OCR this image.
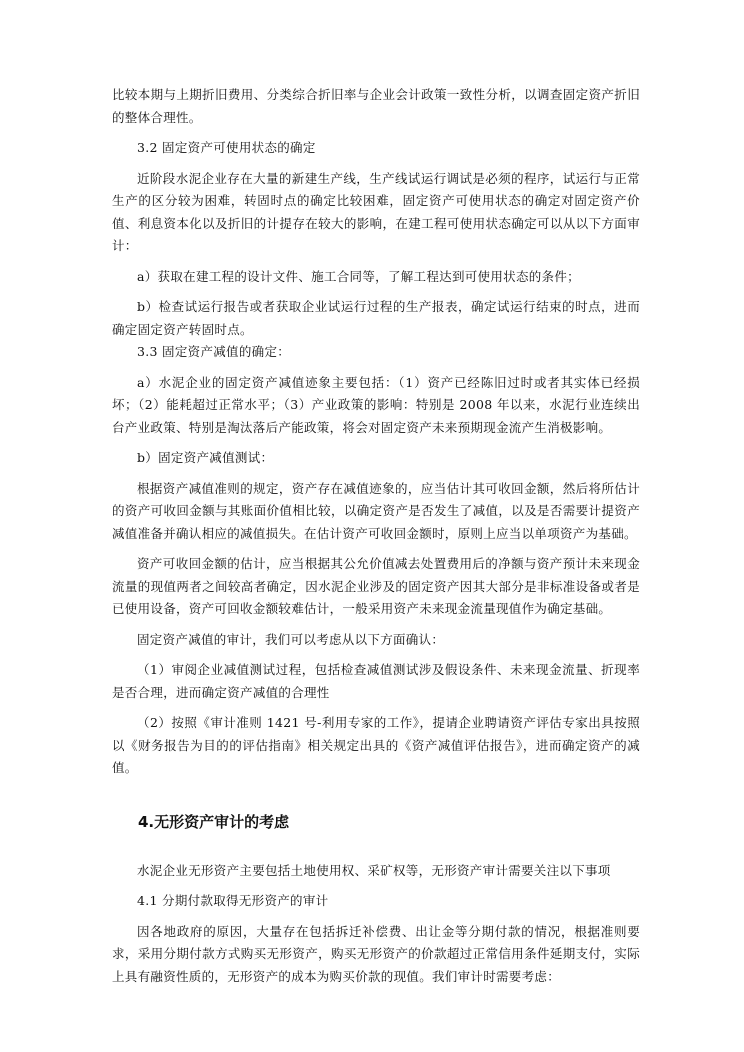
比较本期与上期折旧费用、分类综合折旧率与企业会计政策一致性分析，以调查固定资产折旧的整体合理性。

3.2 固定资产可使用状态的确定

近阶段水泥企业存在大量的新建生产线，生产线试运行调试是必须的程序，试运行与正常生产的区分较为困难，转固时点的确定比较困难，固定资产可使用状态的确定对固定资产价值、利息资本化以及折旧的计提存在较大的影响，在建工程可使用状态确定可以从以下方面审计：

a）获取在建工程的设计文件、施工合同等，了解工程达到可使用状态的条件；

b）检查试运行报告或者获取企业试运行过程的生产报表，确定试运行结束的时点，进而确定固定资产转固时点。

3.3 固定资产减值的确定：

a）水泥企业的固定资产减值迹象主要包括：（1）资产已经陈旧过时或者其实体已经损坏；（2）能耗超过正常水平；（3）产业政策的影响：特别是 2008 年以来，水泥行业连续出台产业政策、特别是淘汰落后产能政策，将会对固定资产未来预期现金流产生消极影响。

b）固定资产减值测试：

根据资产减值准则的规定，资产存在减值迹象的，应当估计其可收回金额，然后将所估计的资产可收回金额与其账面价值相比较，以确定资产是否发生了减值，以及是否需要计提资产减值准备并确认相应的减值损失。在估计资产可收回金额时，原则上应当以单项资产为基础。

资产可收回金额的估计，应当根据其公允价值减去处置费用后的净额与资产预计未来现金流量的现值两者之间较高者确定，因水泥企业涉及的固定资产因其大部分是非标准设备或者是已使用设备，资产可回收金额较难估计，一般采用资产未来现金流量现值作为确定基础。

固定资产减值的审计，我们可以考虑从以下方面确认：

（1）审阅企业减值测试过程，包括检查减值测试涉及假设条件、未来现金流量、折现率是否合理，进而确定资产减值的合理性

（2）按照《审计准则 1421 号-利用专家的工作》，提请企业聘请资产评估专家出具按照以《财务报告为目的的评估指南》相关规定出具的《资产减值评估报告》，进而确定资产的减值。

4.无形资产审计的考虑

水泥企业无形资产主要包括土地使用权、采矿权等，无形资产审计需要关注以下事项

4.1 分期付款取得无形资产的审计

因各地政府的原因，大量存在包括拆迁补偿费、出让金等分期付款的情况，根据准则要求，采用分期付款方式购买无形资产，购买无形资产的价款超过正常信用条件延期支付，实际上具有融资性质的，无形资产的成本为购买价款的现值。我们审计时需要考虑：
